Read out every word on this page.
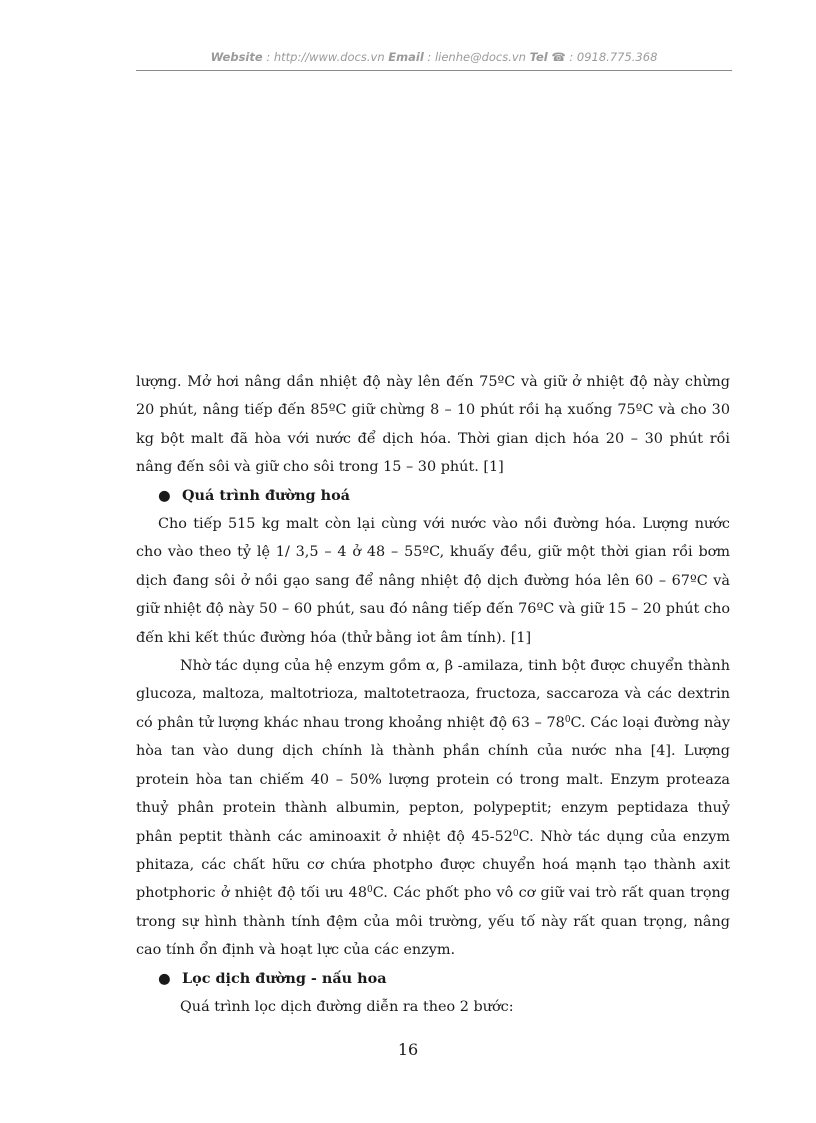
Website : http://www.docs.vn Email : lienhe@docs.vn Tel ☎ : 0918.775.368

lượng. Mở hơi nâng dần nhiệt độ này lên đến 75ºC và giữ ở nhiệt độ này chừng 20 phút, nâng tiếp đến 85ºC giữ chừng 8 – 10 phút rồi hạ xuống 75ºC và cho 30 kg bột malt đã hòa với nước để dịch hóa. Thời gian dịch hóa 20 – 30 phút rồi nâng đến sôi và giữ cho sôi trong 15 – 30 phút. [1]

● Quá trình đường hoá

Cho tiếp 515 kg malt còn lại cùng với nước vào nồi đường hóa. Lượng nước cho vào theo tỷ lệ 1/ 3,5 – 4 ở 48 – 55ºC, khuấy đều, giữ một thời gian rồi bơm dịch đang sôi ở nồi gạo sang để nâng nhiệt độ dịch đường hóa lên 60 – 67ºC và giữ nhiệt độ này 50 – 60 phút, sau đó nâng tiếp đến 76ºC và giữ 15 – 20 phút cho đến khi kết thúc đường hóa (thử bằng iot âm tính). [1]

Nhờ tác dụng của hệ enzym gồm α, β -amilaza, tinh bột được chuyển thành glucoza, maltoza, maltotrioza, maltotetraoza, fructoza, saccaroza và các dextrin có phân tử lượng khác nhau trong khoảng nhiệt độ $63 - 78^0C$. Các loại đường này hòa tan vào dung dịch chính là thành phần chính của nước nha [4]. Lượng protein hòa tan chiếm 40 – 50% lượng protein có trong malt. Enzym proteaza thuỷ phân protein thành albumin, pepton, polypeptit; enzym peptidaza thuỷ phân peptit thành các aminoaxit ở nhiệt độ $45-52^0C$. Nhờ tác dụng của enzym phitaza, các chất hữu cơ chứa photpho được chuyển hoá mạnh tạo thành axit photphoric ở nhiệt độ tối ưu $48^0C$. Các phốt pho vô cơ giữ vai trò rất quan trọng trong sự hình thành tính đệm của môi trường, yếu tố này rất quan trọng, nâng cao tính ổn định và hoạt lực của các enzym.

● Lọc dịch đường - nấu hoa

Quá trình lọc dịch đường diễn ra theo 2 bước:

16
